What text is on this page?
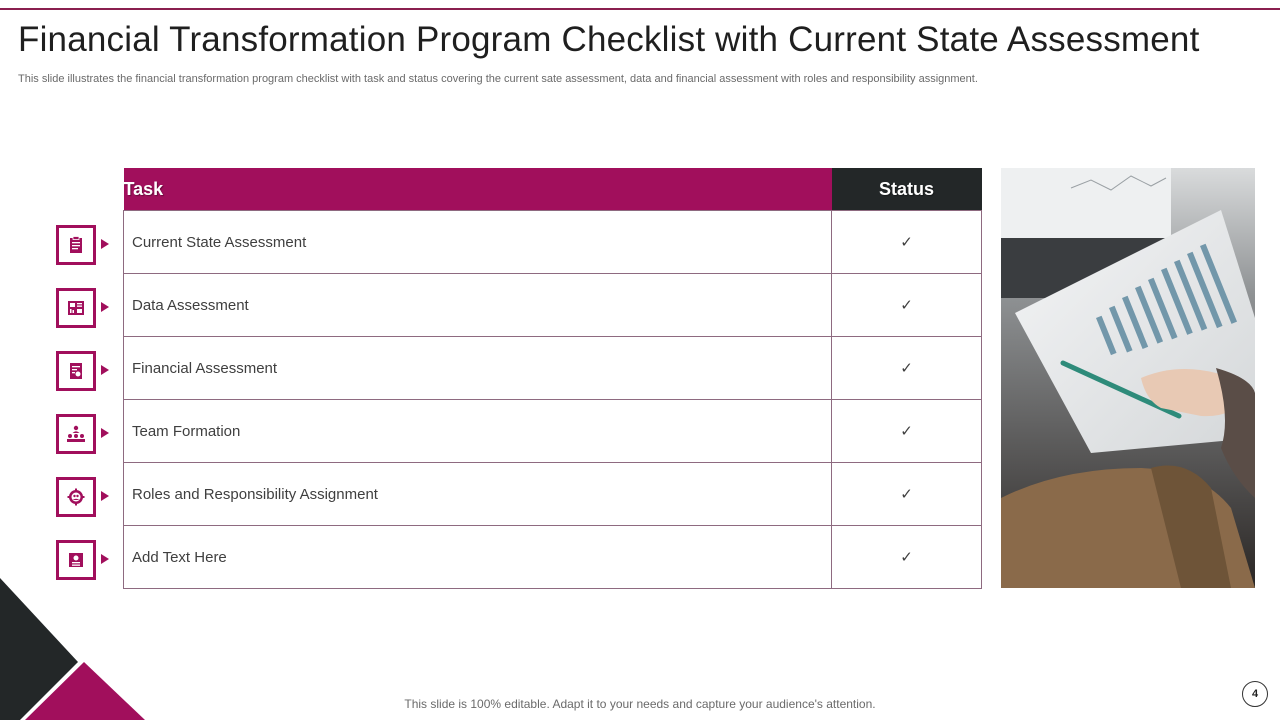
Financial Transformation Program Checklist with Current State Assessment
This slide illustrates the financial transformation program checklist with task and status covering the current sate assessment, data and financial assessment with roles and responsibility assignment.
Task	Status
Current State Assessment	✓
Data Assessment	✓
Financial Assessment	✓
Team Formation	✓
Roles and Responsibility Assignment	✓
Add Text Here	✓
This slide is 100% editable. Adapt it to your needs and capture your audience's attention.
4
